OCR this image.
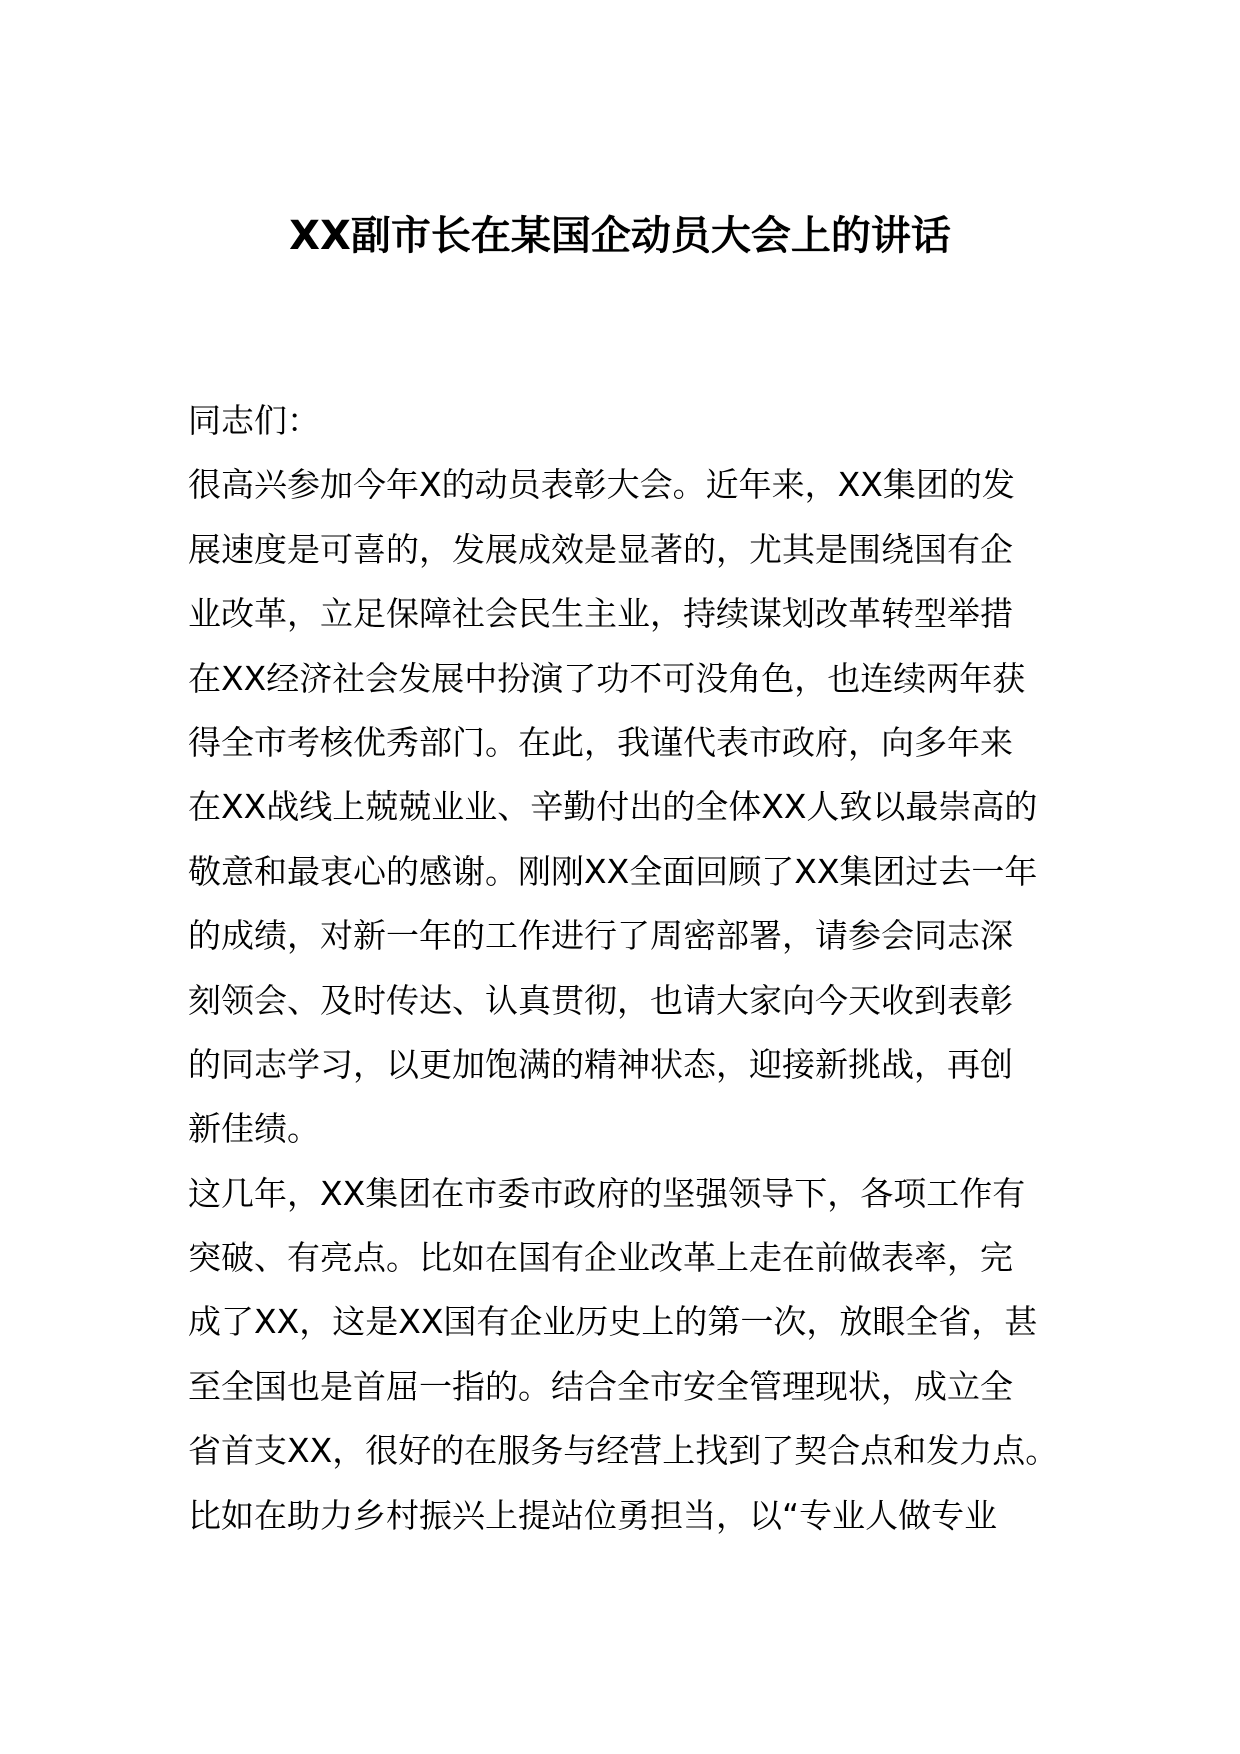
XX副市长在某国企动员大会上的讲话

同志们：

很高兴参加今年X的动员表彰大会。近年来，XX集团的发

展速度是可喜的，发展成效是显著的，尤其是围绕国有企

业改革，立足保障社会民生主业，持续谋划改革转型举措

在XX经济社会发展中扮演了功不可没角色，也连续两年获

得全市考核优秀部门。在此，我谨代表市政府，向多年来

在XX战线上兢兢业业、辛勤付出的全体XX人致以最崇高的

敬意和最衷心的感谢。刚刚XX全面回顾了XX集团过去一年

的成绩，对新一年的工作进行了周密部署，请参会同志深

刻领会、及时传达、认真贯彻，也请大家向今天收到表彰

的同志学习，以更加饱满的精神状态，迎接新挑战，再创

新佳绩。

这几年，XX集团在市委市政府的坚强领导下，各项工作有

突破、有亮点。比如在国有企业改革上走在前做表率，完

成了XX，这是XX国有企业历史上的第一次，放眼全省，甚

至全国也是首屈一指的。结合全市安全管理现状，成立全

省首支XX，很好的在服务与经营上找到了契合点和发力点。

比如在助力乡村振兴上提站位勇担当，以“专业人做专业
